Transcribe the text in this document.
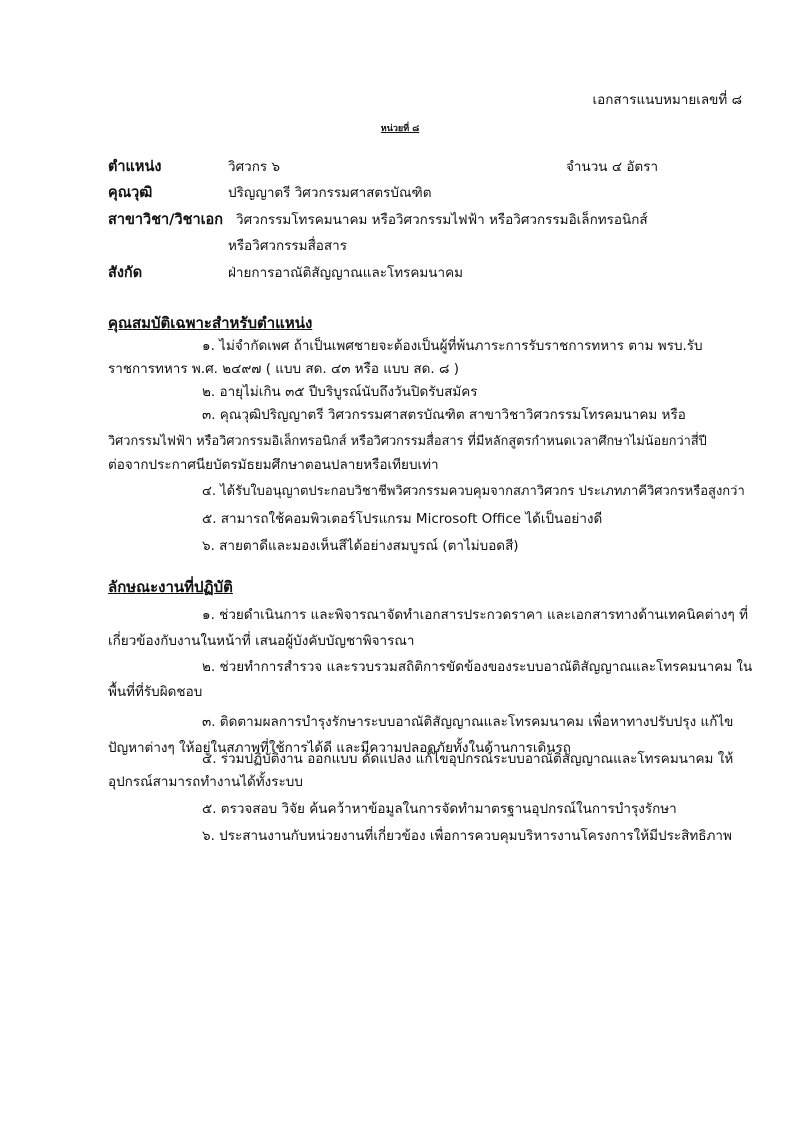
เอกสารแนบหมายเลขที่ ๘
หน่วยที่ ๘
ตำแหน่ง	วิศวกร ๖	จำนวน ๔ อัตรา
คุณวุฒิ	ปริญญาตรี วิศวกรรมศาสตรบัณฑิต
สาขาวิชา/วิชาเอก วิศวกรรมโทรคมนาคม หรือวิศวกรรมไฟฟ้า หรือวิศวกรรมอิเล็กทรอนิกส์
หรือวิศวกรรมสื่อสาร
สังกัด	ฝ่ายการอาณัติสัญญาณและโทรคมนาคม
คุณสมบัติเฉพาะสำหรับตำแหน่ง
๑. ไม่จำกัดเพศ ถ้าเป็นเพศชายจะต้องเป็นผู้ที่พ้นภาระการรับราชการทหาร ตาม พรบ.รับ
ราชการทหาร พ.ศ. ๒๔๙๗ ( แบบ สด. ๔๓ หรือ แบบ สด. ๘ )
๒. อายุไม่เกิน ๓๕ ปีบริบูรณ์นับถึงวันปิดรับสมัคร
๓. คุณวุฒิปริญญาตรี วิศวกรรมศาสตรบัณฑิต สาขาวิชาวิศวกรรมโทรคมนาคม หรือ
วิศวกรรมไฟฟ้า หรือวิศวกรรมอิเล็กทรอนิกส์ หรือวิศวกรรมสื่อสาร ที่มีหลักสูตรกำหนดเวลาศึกษาไม่น้อยกว่าสี่ปี
ต่อจากประกาศนียบัตรมัธยมศึกษาตอนปลายหรือเทียบเท่า
๔. ได้รับใบอนุญาตประกอบวิชาชีพวิศวกรรมควบคุมจากสภาวิศวกร ประเภทภาคีวิศวกรหรือสูงกว่า
๕. สามารถใช้คอมพิวเตอร์โปรแกรม Microsoft Office ได้เป็นอย่างดี
๖. สายตาดีและมองเห็นสีได้อย่างสมบูรณ์ (ตาไม่บอดสี)
ลักษณะงานที่ปฏิบัติ
๑. ช่วยดำเนินการ และพิจารณาจัดทำเอกสารประกวดราคา และเอกสารทางด้านเทคนิคต่างๆ ที่
เกี่ยวข้องกับงานในหน้าที่ เสนอผู้บังคับบัญชาพิจารณา
๒. ช่วยทำการสำรวจ และรวบรวมสถิติการขัดข้องของระบบอาณัติสัญญาณและโทรคมนาคม ใน
พื้นที่ที่รับผิดชอบ
๓. ติดตามผลการบำรุงรักษาระบบอาณัติสัญญาณและโทรคมนาคม เพื่อหาทางปรับปรุง แก้ไข
ปัญหาต่างๆ ให้อยู่ในสภาพที่ใช้การได้ดี และมีความปลอดภัยทั้งในด้านการเดินรถ
๔. ร่วมปฏิบัติงาน ออกแบบ ดัดแปลง แก้ไขอุปกรณ์ระบบอาณัติสัญญาณและโทรคมนาคม ให้
อุปกรณ์สามารถทำงานได้ทั้งระบบ
๕. ตรวจสอบ วิจัย ค้นคว้าหาข้อมูลในการจัดทำมาตรฐานอุปกรณ์ในการบำรุงรักษา
๖. ประสานงานกับหน่วยงานที่เกี่ยวข้อง เพื่อการควบคุมบริหารงานโครงการให้มีประสิทธิภาพ
